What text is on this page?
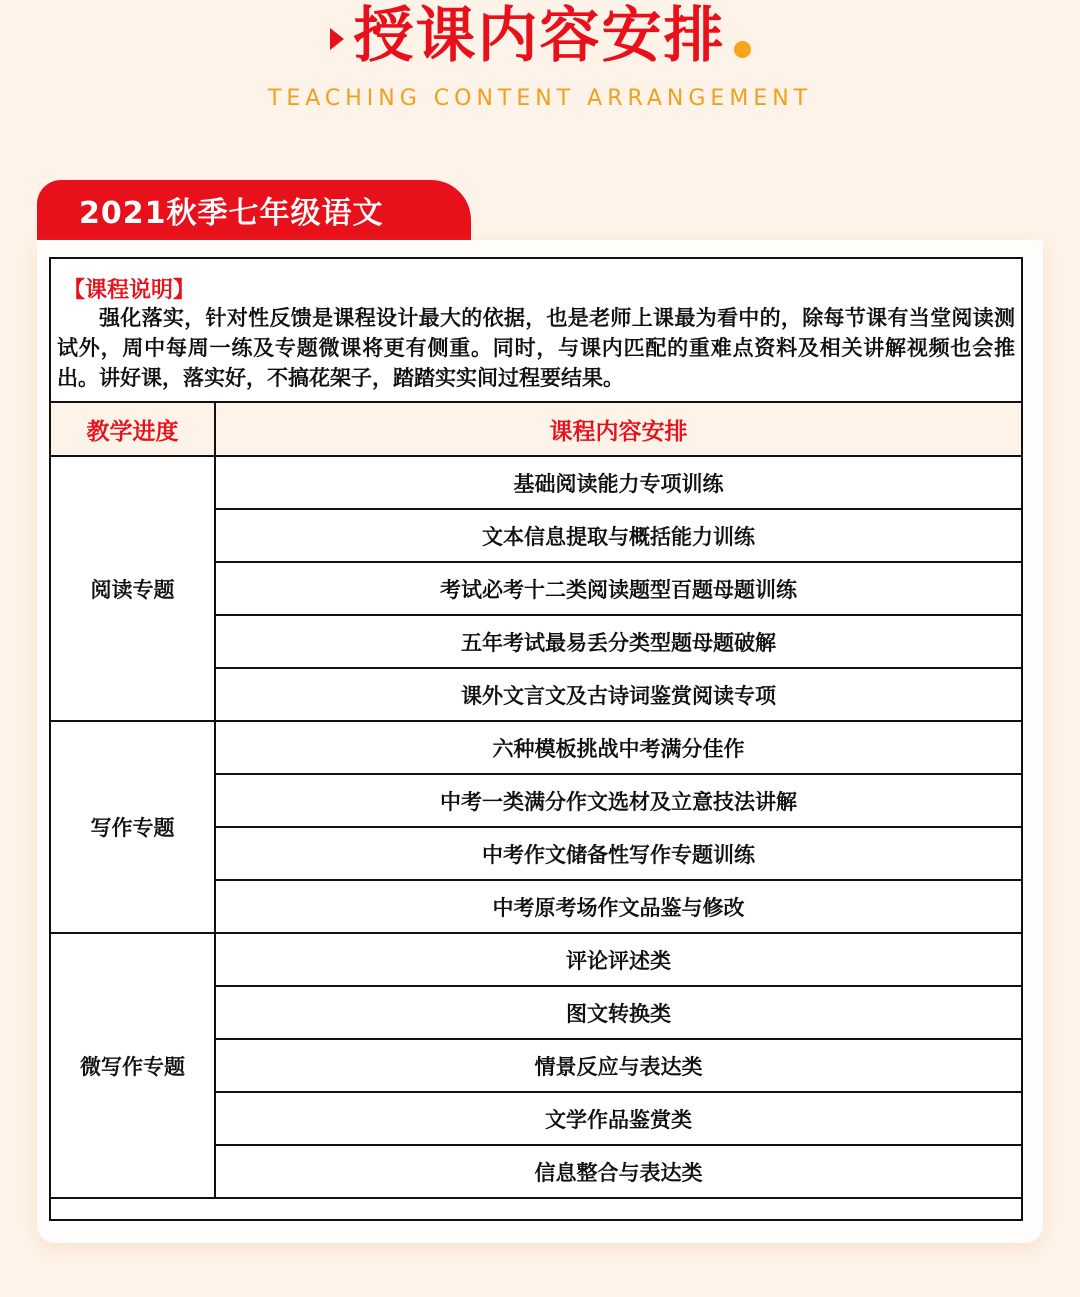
授课内容安排
TEACHING CONTENT ARRANGEMENT
2021秋季七年级语文
【课程说明】
强化落实，针对性反馈是课程设计最大的依据，也是老师上课最为看中的，除每节课有当堂阅读测试外，周中每周一练及专题微课将更有侧重。同时，与课内匹配的重难点资料及相关讲解视频也会推出。讲好课，落实好，不搞花架子，踏踏实实间过程要结果。
教学进度	课程内容安排
阅读专题	基础阅读能力专项训练
	文本信息提取与概括能力训练
	考试必考十二类阅读题型百题母题训练
	五年考试最易丢分类型题母题破解
	课外文言文及古诗词鉴赏阅读专项
写作专题	六种模板挑战中考满分佳作
	中考一类满分作文选材及立意技法讲解
	中考作文储备性写作专题训练
	中考原考场作文品鉴与修改
微写作专题	评论评述类
	图文转换类
	情景反应与表达类
	文学作品鉴赏类
	信息整合与表达类
